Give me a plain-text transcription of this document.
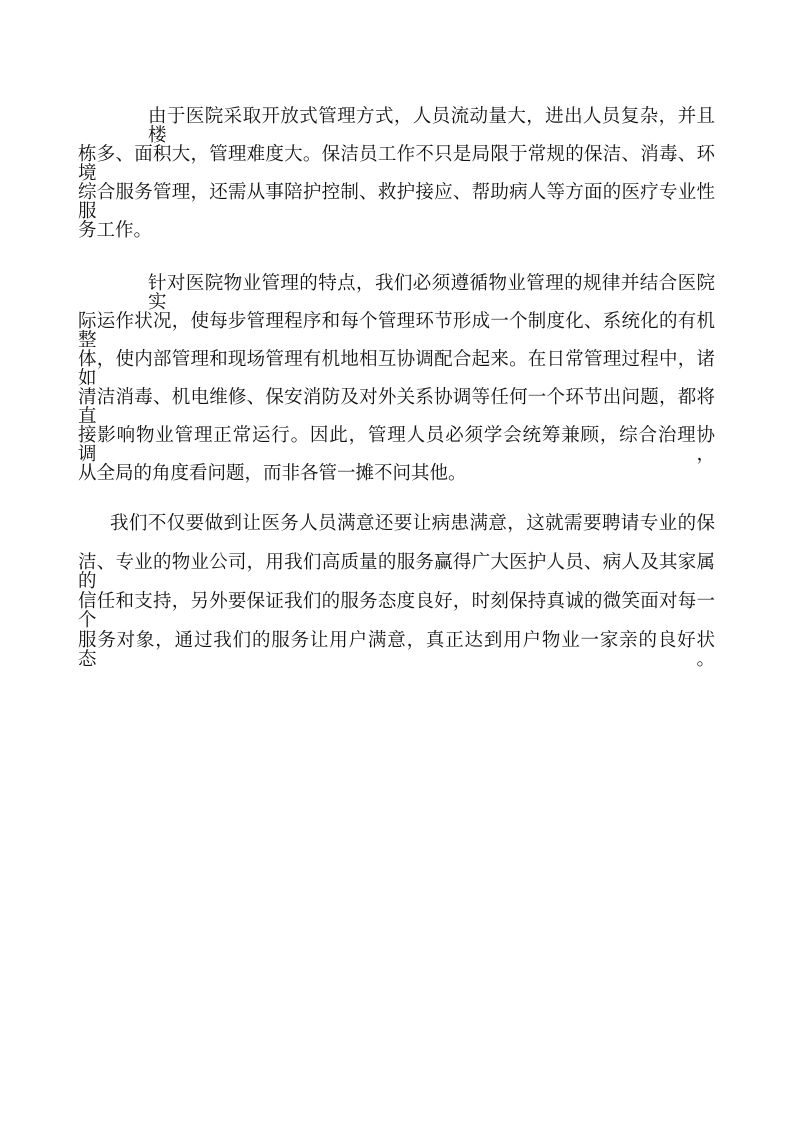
由于医院采取开放式管理方式，人员流动量大，进出人员复杂，并且楼
栋多、面积大，管理难度大。保洁员工作不只是局限于常规的保洁、消毒、环境
综合服务管理，还需从事陪护控制、救护接应、帮助病人等方面的医疗专业性服
务工作。
针对医院物业管理的特点，我们必须遵循物业管理的规律并结合医院实
际运作状况，使每步管理程序和每个管理环节形成一个制度化、系统化的有机整
体，使内部管理和现场管理有机地相互协调配合起来。在日常管理过程中，诸如
清洁消毒、机电维修、保安消防及对外关系协调等任何一个环节出问题，都将直
接影响物业管理正常运行。因此，管理人员必须学会统筹兼顾，综合治理协调，
从全局的角度看问题，而非各管一摊不问其他。
我们不仅要做到让医务人员满意还要让病患满意，这就需要聘请专业的保
洁、专业的物业公司，用我们高质量的服务赢得广大医护人员、病人及其家属的
信任和支持，另外要保证我们的服务态度良好，时刻保持真诚的微笑面对每一个
服务对象，通过我们的服务让用户满意，真正达到用户物业一家亲的良好状态。
